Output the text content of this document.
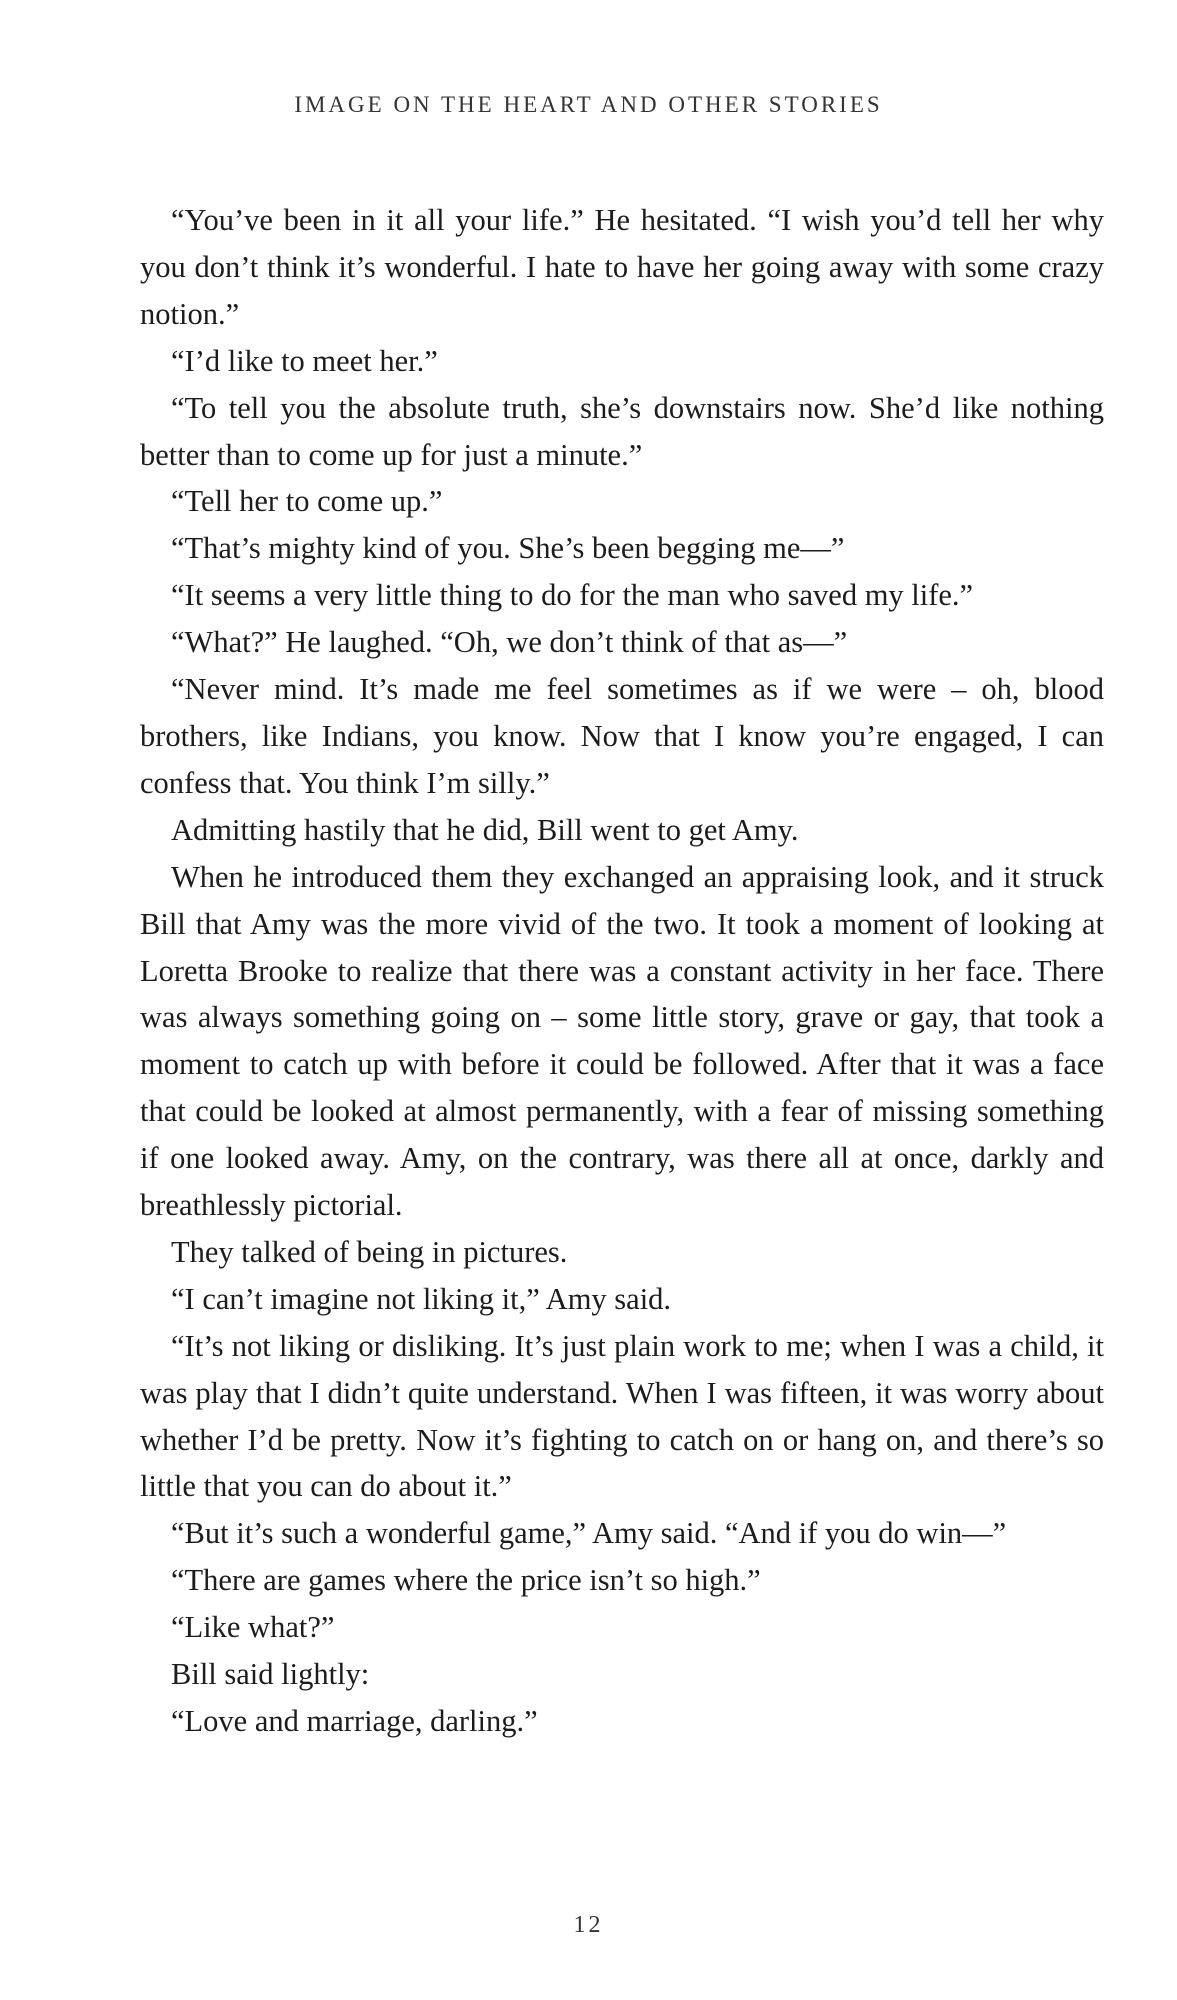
IMAGE ON THE HEART AND OTHER STORIES

“You’ve been in it all your life.” He hesitated. “I wish you’d tell her why you don’t think it’s wonderful. I hate to have her going away with some crazy notion.”

“I’d like to meet her.”

“To tell you the absolute truth, she’s downstairs now. She’d like nothing better than to come up for just a minute.”

“Tell her to come up.”

“That’s mighty kind of you. She’s been begging me—”

“It seems a very little thing to do for the man who saved my life.”

“What?” He laughed. “Oh, we don’t think of that as—”

“Never mind. It’s made me feel sometimes as if we were – oh, blood brothers, like Indians, you know. Now that I know you’re engaged, I can confess that. You think I’m silly.”

Admitting hastily that he did, Bill went to get Amy.

When he introduced them they exchanged an appraising look, and it struck Bill that Amy was the more vivid of the two. It took a moment of looking at Loretta Brooke to realize that there was a constant activity in her face. There was always something going on – some little story, grave or gay, that took a moment to catch up with before it could be followed. After that it was a face that could be looked at almost permanently, with a fear of missing something if one looked away. Amy, on the contrary, was there all at once, darkly and breathlessly pictorial.

They talked of being in pictures.

“I can’t imagine not liking it,” Amy said.

“It’s not liking or disliking. It’s just plain work to me; when I was a child, it was play that I didn’t quite understand. When I was fifteen, it was worry about whether I’d be pretty. Now it’s fighting to catch on or hang on, and there’s so little that you can do about it.”

“But it’s such a wonderful game,” Amy said. “And if you do win—”

“There are games where the price isn’t so high.”

“Like what?”

Bill said lightly:

“Love and marriage, darling.”

12
